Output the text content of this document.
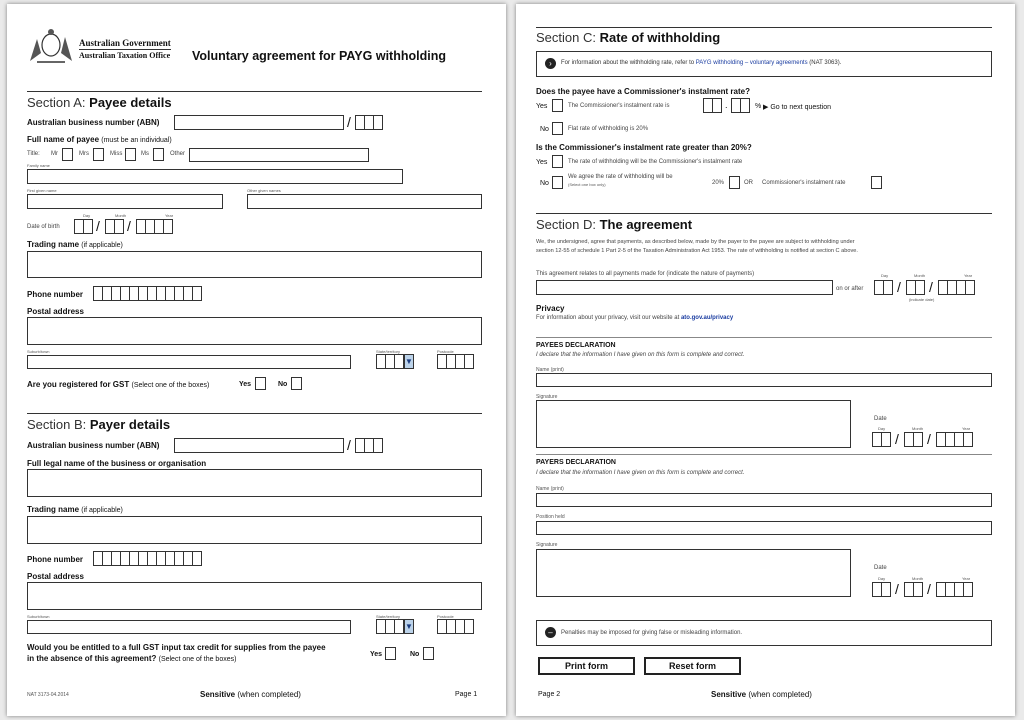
Australian Government
Australian Taxation Office Voluntary agreement for PAYG withholding
Section A: Payee details
Australian business number (ABN)	/
Full name of payee (must be an individual)
Title: Mr	Mrs	Miss	Ms	Other
Family name
First given name	Other given names
Date of birth
Day	Month	Year
/ /
Trading name (if applicable)
Phone number
Postal address
Suburb/town	State/territory
▼
Postcode
Are you registered for GST (Select one of the boxes)	Yes	No
Section B: Payer details
Australian business number (ABN)	/
Full legal name of the business or organisation
Trading name (if applicable)
Phone number
Postal address
Suburb/town	State/territory
▼
Postcode
Would you be entitled to a full GST input tax credit for supplies from the payee
in the absence of this agreement? (Select one of the boxes)
Yes	No
NAT 3173-04.2014	Sensitive (when completed)	Page 1
Section C: Rate of withholding
›	For information about the withholding rate, refer to PAYG withholding – voluntary agreements (NAT 3063).
Does the payee have a Commissioner's instalment rate?
Yes	The Commissioner's instalment rate is	.	% ▶ Go to next question
No	Flat rate of withholding is 20%
Is the Commissioner's instalment rate greater than 20%?
Yes	The rate of withholding will be the Commissioner's instalment rate
No
We agree the rate of withholding will be
(Select one box only)	20%	OR Commissioner's instalment rate
Section D: The agreement
We, the undersigned, agree that payments, as described below, made by the payer to the payee are subject to withholding under
section 12-55 of schedule 1 Part 2-5 of the Taxation Administration Act 1953. The rate of withholding is notified at section C above.
This agreement relates to all payments made for (indicate the nature of payments)
on or after
Day	Month	Year
/ /
(indicate date)
Privacy
For information about your privacy, visit our website at ato.gov.au/privacy
PAYEES DECLARATION
I declare that the information I have given on this form is complete and correct.
Name (print)
Signature
Date
Day	Month	Year
/ /
PAYERS DECLARATION
I declare that the information I have given on this form is complete and correct.
Name (print)
Position held
Signature
Date
Day	Month	Year
/ /
–	Penalties may be imposed for giving false or misleading information.
Print form	Reset form
Page 2	Sensitive (when completed)
